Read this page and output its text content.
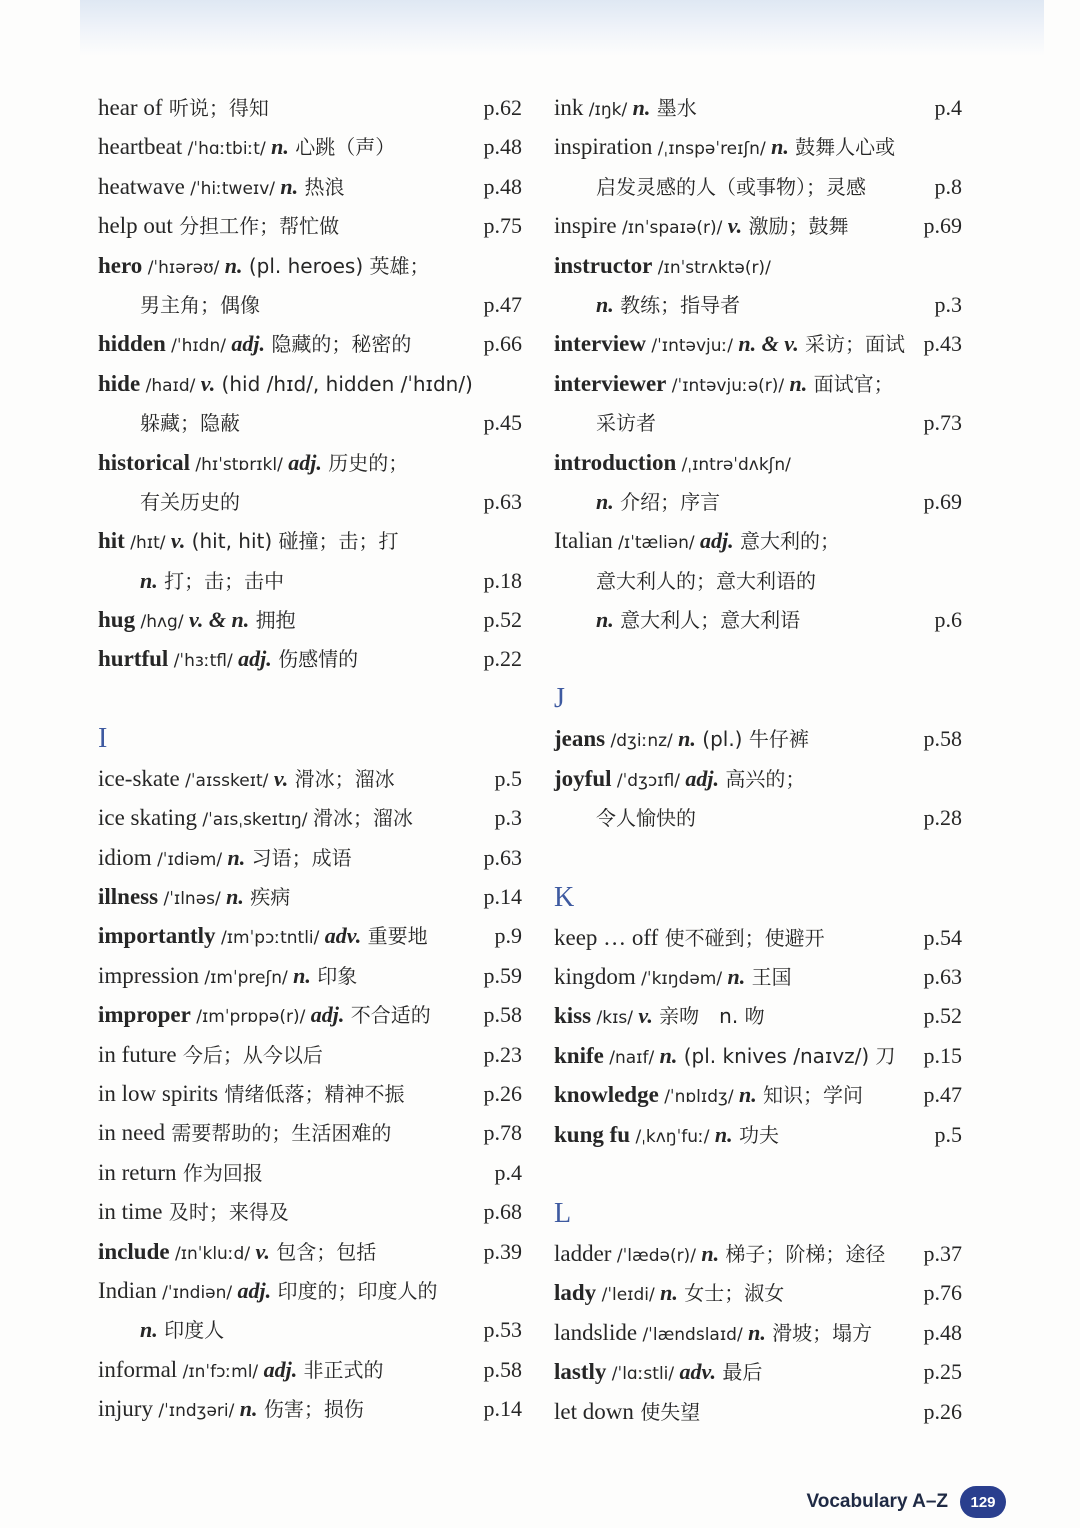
hear of 听说；得知	p.62
heartbeat /ˈhɑːtbiːt/ n. 心跳（声）	p.48
heatwave /ˈhiːtweɪv/ n. 热浪	p.48
help out 分担工作；帮忙做	p.75
hero /ˈhɪərəʊ/ n. (pl. heroes) 英雄；
男主角；偶像	p.47
hidden /ˈhɪdn/ adj. 隐藏的；秘密的	p.66
hide /haɪd/ v. (hid /hɪd/, hidden /ˈhɪdn/)
躲藏；隐蔽	p.45
historical /hɪˈstɒrɪkl/ adj. 历史的；
有关历史的	p.63
hit /hɪt/ v. (hit, hit) 碰撞；击；打
n. 打；击；击中	p.18
hug /hʌg/ v. & n. 拥抱	p.52
hurtful /ˈhɜːtfl/ adj. 伤感情的	p.22
I
ice-skate /ˈaɪsskeɪt/ v. 滑冰；溜冰	p.5
ice skating /ˈaɪsˌskeɪtɪŋ/ 滑冰；溜冰	p.3
idiom /ˈɪdiəm/ n. 习语；成语	p.63
illness /ˈɪlnəs/ n. 疾病	p.14
importantly /ɪmˈpɔːtntli/ adv. 重要地	p.9
impression /ɪmˈpreʃn/ n. 印象	p.59
improper /ɪmˈprɒpə(r)/ adj. 不合适的 p.58
in future 今后；从今以后	p.23
in low spirits 情绪低落；精神不振	p.26
in need 需要帮助的；生活困难的	p.78
in return 作为回报	p.4
in time 及时；来得及	p.68
include /ɪnˈkluːd/ v. 包含；包括	p.39
Indian /ˈɪndiən/ adj. 印度的；印度人的
n. 印度人	p.53
informal /ɪnˈfɔːml/ adj. 非正式的	p.58
injury /ˈɪndʒəri/ n. 伤害；损伤	p.14
ink /ɪŋk/ n. 墨水	p.4
inspiration /ˌɪnspəˈreɪʃn/ n. 鼓舞人心或
启发灵感的人（或事物）；灵感	p.8
inspire /ɪnˈspaɪə(r)/ v. 激励；鼓舞	p.69
instructor /ɪnˈstrʌktə(r)/
n. 教练；指导者	p.3
interview /ˈɪntəvjuː/ n. & v. 采访；面试 p.43
interviewer /ˈɪntəvjuːə(r)/ n. 面试官；
采访者	p.73
introduction /ˌɪntrəˈdʌkʃn/
n. 介绍；序言	p.69
Italian /ɪˈtæliən/ adj. 意大利的；
意大利人的；意大利语的
n. 意大利人；意大利语	p.6
J
jeans /dʒiːnz/ n. (pl.) 牛仔裤	p.58
joyful /ˈdʒɔɪfl/ adj. 高兴的；
令人愉快的	p.28
K
keep … off 使不碰到；使避开	p.54
kingdom /ˈkɪŋdəm/ n. 王国	p.63
kiss /kɪs/ v. 亲吻　n. 吻	p.52
knife /naɪf/ n. (pl. knives /naɪvz/) 刀 p.15
knowledge /ˈnɒlɪdʒ/ n. 知识；学问	p.47
kung fu /ˌkʌŋˈfuː/ n. 功夫	p.5
L
ladder /ˈlædə(r)/ n. 梯子；阶梯；途径 p.37
lady /ˈleɪdi/ n. 女士；淑女	p.76
landslide /ˈlændslaɪd/ n. 滑坡；塌方 p.48
lastly /ˈlɑːstli/ adv. 最后	p.25
let down 使失望	p.26
Vocabulary A–Z	129
